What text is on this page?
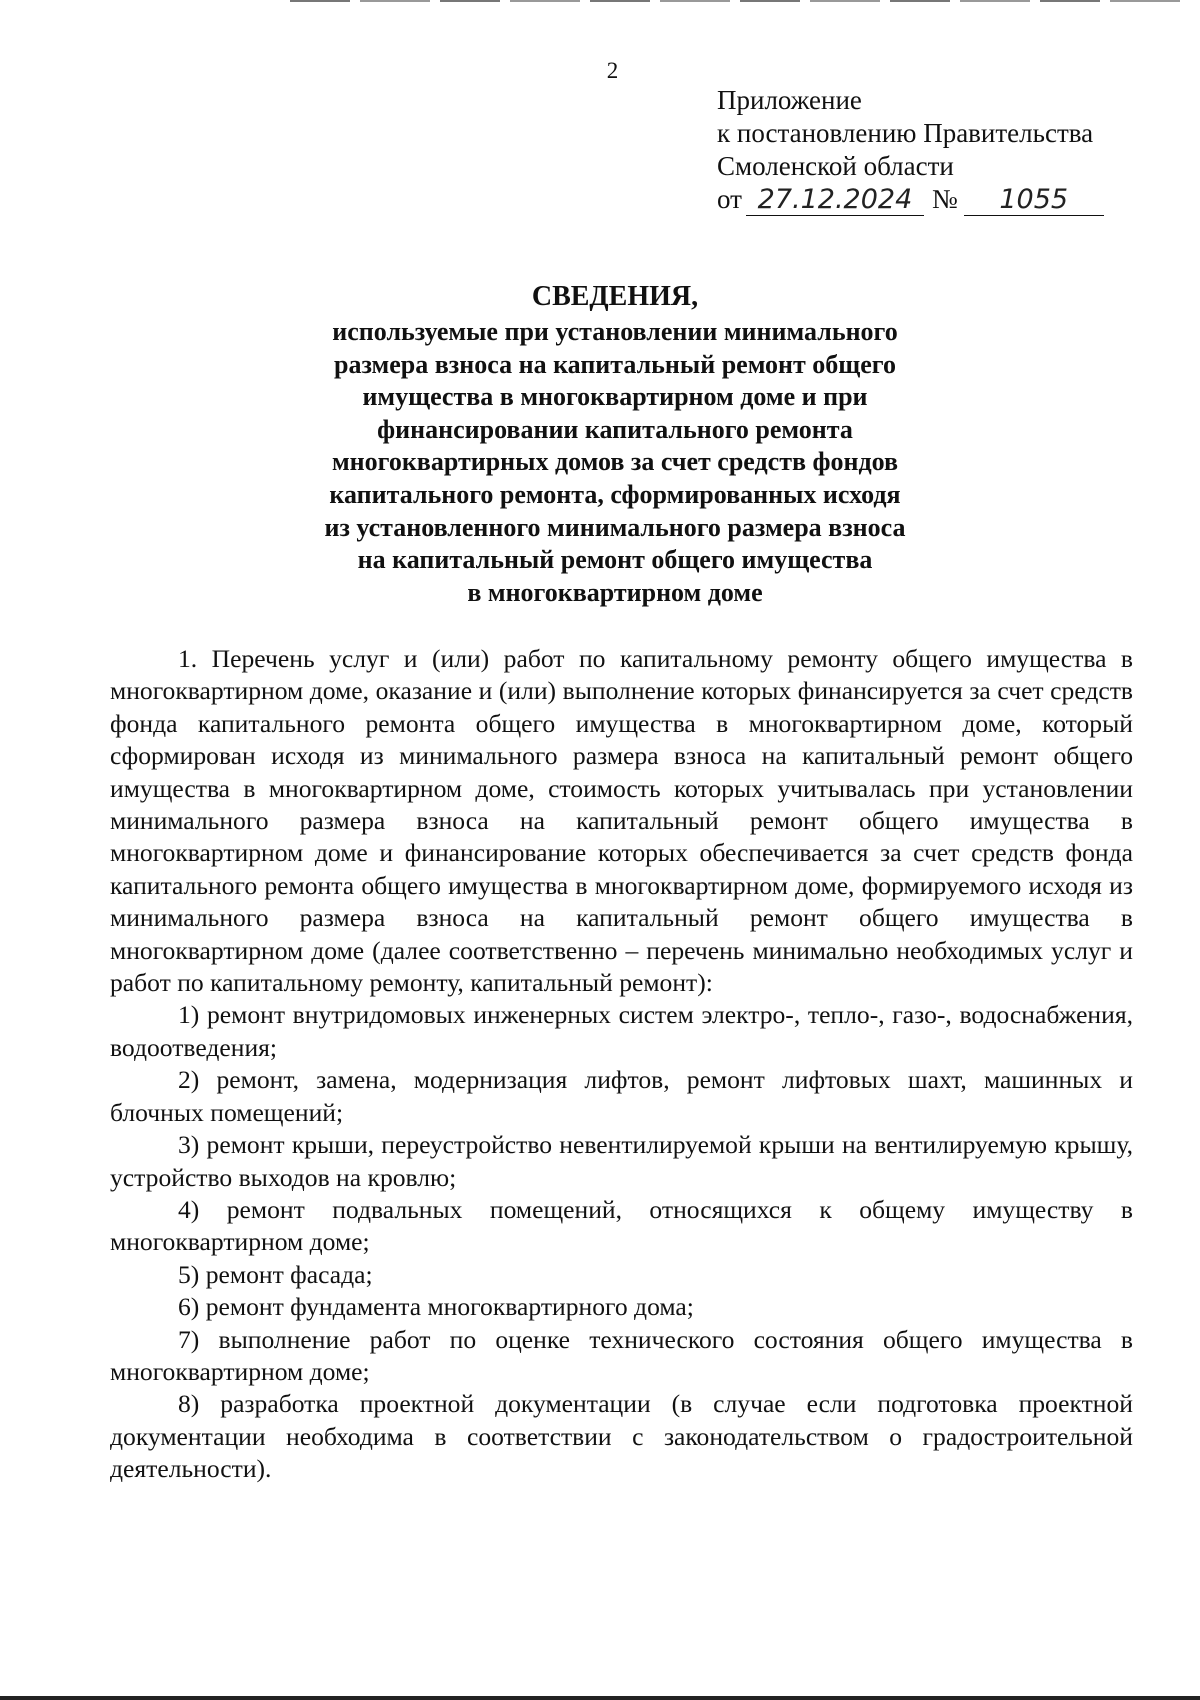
2
Приложение
к постановлению Правительства
Смоленской области
от 27.12.2024 № 1055
СВЕДЕНИЯ,
используемые при установлении минимального
размера взноса на капитальный ремонт общего
имущества в многоквартирном доме и при
финансировании капитального ремонта
многоквартирных домов за счет средств фондов
капитального ремонта, сформированных исходя
из установленного минимального размера взноса
на капитальный ремонт общего имущества
в многоквартирном доме

1. Перечень услуг и (или) работ по капитальному ремонту общего имущества в многоквартирном доме, оказание и (или) выполнение которых финансируется за счет средств фонда капитального ремонта общего имущества в многоквартирном доме, который сформирован исходя из минимального размера взноса на капитальный ремонт общего имущества в многоквартирном доме, стоимость которых учитывалась при установлении минимального размера взноса на капитальный ремонт общего имущества в многоквартирном доме и финансирование которых обеспечивается за счет средств фонда капитального ремонта общего имущества в многоквартирном доме, формируемого исходя из минимального размера взноса на капитальный ремонт общего имущества в многоквартирном доме (далее соответственно – перечень минимально необходимых услуг и работ по капитальному ремонту, капитальный ремонт):

1) ремонт внутридомовых инженерных систем электро-, тепло-, газо-, водоснабжения, водоотведения;

2) ремонт, замена, модернизация лифтов, ремонт лифтовых шахт, машинных и блочных помещений;

3) ремонт крыши, переустройство невентилируемой крыши на вентилируемую крышу, устройство выходов на кровлю;

4) ремонт подвальных помещений, относящихся к общему имуществу в многоквартирном доме;

5) ремонт фасада;

6) ремонт фундамента многоквартирного дома;

7) выполнение работ по оценке технического состояния общего имущества в многоквартирном доме;

8) разработка проектной документации (в случае если подготовка проектной документации необходима в соответствии с законодательством о градостроительной деятельности).
